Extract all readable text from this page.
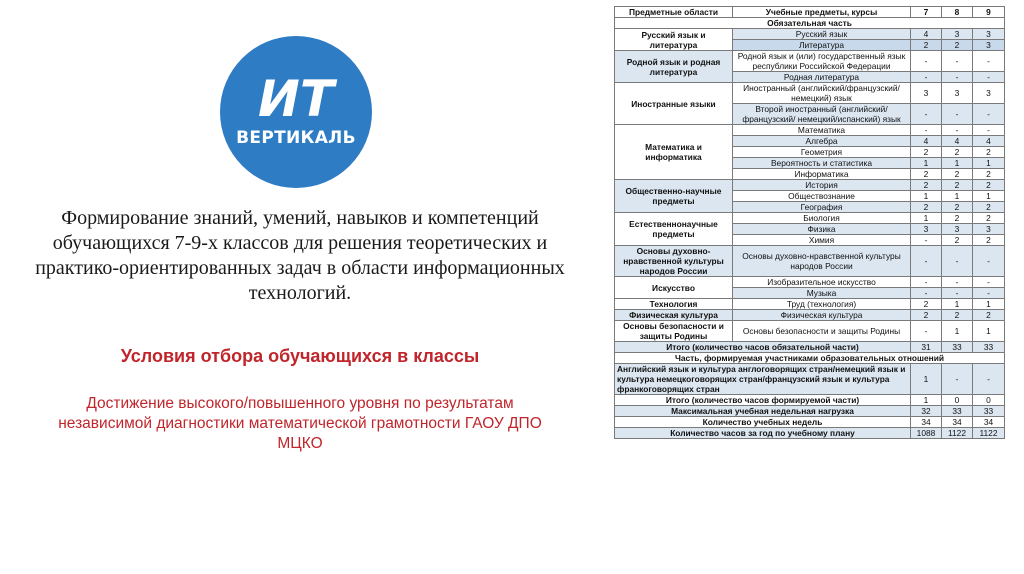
ИТ
ВЕРТИКАЛЬ
Формирование знаний, умений, навыков и компетенций обучающихся 7-9-х классов для решения теоретических и практико-ориентированных задач в области информационных технологий.
Условия отбора обучающихся в классы
Достижение высокого/повышенного уровня по результатам независимой диагностики математической грамотности ГАОУ ДПО МЦКО
Предметные области	Учебные предметы, курсы	7	8	9
Обязательная часть				
Русский язык и литература	Русский язык	4	3	3
	Литература	2	2	3
Родной язык и родная литература	Родной язык и (или) государственный язык республики Российской Федерации	-	-	-
	Родная литература	-	-	-
Иностранные языки	Иностранный (английский/французский/ немецкий) язык	3	3	3
	Второй иностранный (английский/ французский/ немецкий/испанский) язык	-	-	-
Математика и информатика	Математика	-	-	-
	Алгебра	4	4	4
	Геометрия	2	2	2
	Вероятность и статистика	1	1	1
	Информатика	2	2	2
Общественно-научные предметы	История	2	2	2
	Обществознание	1	1	1
	География	2	2	2
Естественнонаучные предметы	Биология	1	2	2
	Физика	3	3	3
	Химия	-	2	2
Основы духовно-нравственной культуры народов России	Основы духовно-нравственной культуры народов России	-	-	-
Искусство	Изобразительное искусство	-	-	-
	Музыка	-	-	-
Технология	Труд (технология)	2	1	1
Физическая культура	Физическая культура	2	2	2
Основы безопасности и защиты Родины	Основы безопасности и защиты Родины	-	1	1
Итого (количество часов обязательной части)		31	33	33
Часть, формируемая участниками образовательных отношений				
Английский язык и культура англоговорящих стран/немецкий язык и культура немецкоговорящих стран/французский язык и культура франкоговорящих стран		1	-	-
Итого (количество часов формируемой части)		1	0	0
Максимальная учебная недельная нагрузка		32	33	33
Количество учебных недель		34	34	34
Количество часов за год по учебному плану		1088	1122	1122
